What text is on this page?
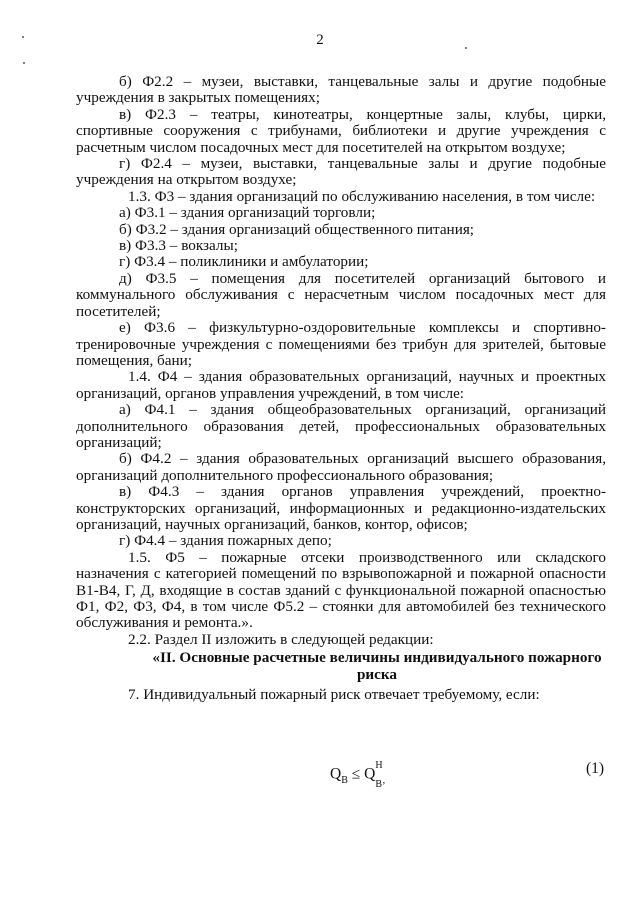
2

б) Ф2.2 – музеи, выставки, танцевальные залы и другие подобные учреждения в закрытых помещениях;

в) Ф2.3 – театры, кинотеатры, концертные залы, клубы, цирки, спортивные сооружения с трибунами, библиотеки и другие учреждения с расчетным числом посадочных мест для посетителей на открытом воздухе;

г) Ф2.4 – музеи, выставки, танцевальные залы и другие подобные учреждения на открытом воздухе;

1.3. Ф3 – здания организаций по обслуживанию населения, в том числе:

а) Ф3.1 – здания организаций торговли;

б) Ф3.2 – здания организаций общественного питания;

в) Ф3.3 – вокзалы;

г) Ф3.4 – поликлиники и амбулатории;

д) Ф3.5 – помещения для посетителей организаций бытового и коммунального обслуживания с нерасчетным числом посадочных мест для посетителей;

е) Ф3.6 – физкультурно-оздоровительные комплексы и спортивно-тренировочные учреждения с помещениями без трибун для зрителей, бытовые помещения, бани;

1.4. Ф4 – здания образовательных организаций, научных и проектных организаций, органов управления учреждений, в том числе:

а) Ф4.1 – здания общеобразовательных организаций, организаций дополнительного образования детей, профессиональных образовательных организаций;

б) Ф4.2 – здания образовательных организаций высшего образования, организаций дополнительного профессионального образования;

в) Ф4.3 – здания органов управления учреждений, проектно-конструкторских организаций, информационных и редакционно-издательских организаций, научных организаций, банков, контор, офисов;

г) Ф4.4 – здания пожарных депо;

1.5. Ф5 – пожарные отсеки производственного или складского назначения с категорией помещений по взрывопожарной и пожарной опасности В1-В4, Г, Д, входящие в состав зданий с функциональной пожарной опасностью Ф1, Ф2, Ф3, Ф4, в том числе Ф5.2 – стоянки для автомобилей без технического обслуживания и ремонта.».

2.2. Раздел II изложить в следующей редакции:

«II. Основные расчетные величины индивидуального пожарного риска

7. Индивидуальный пожарный риск отвечает требуемому, если:

$Q_В \le Q^Н$
$_{В,}$
(1)
